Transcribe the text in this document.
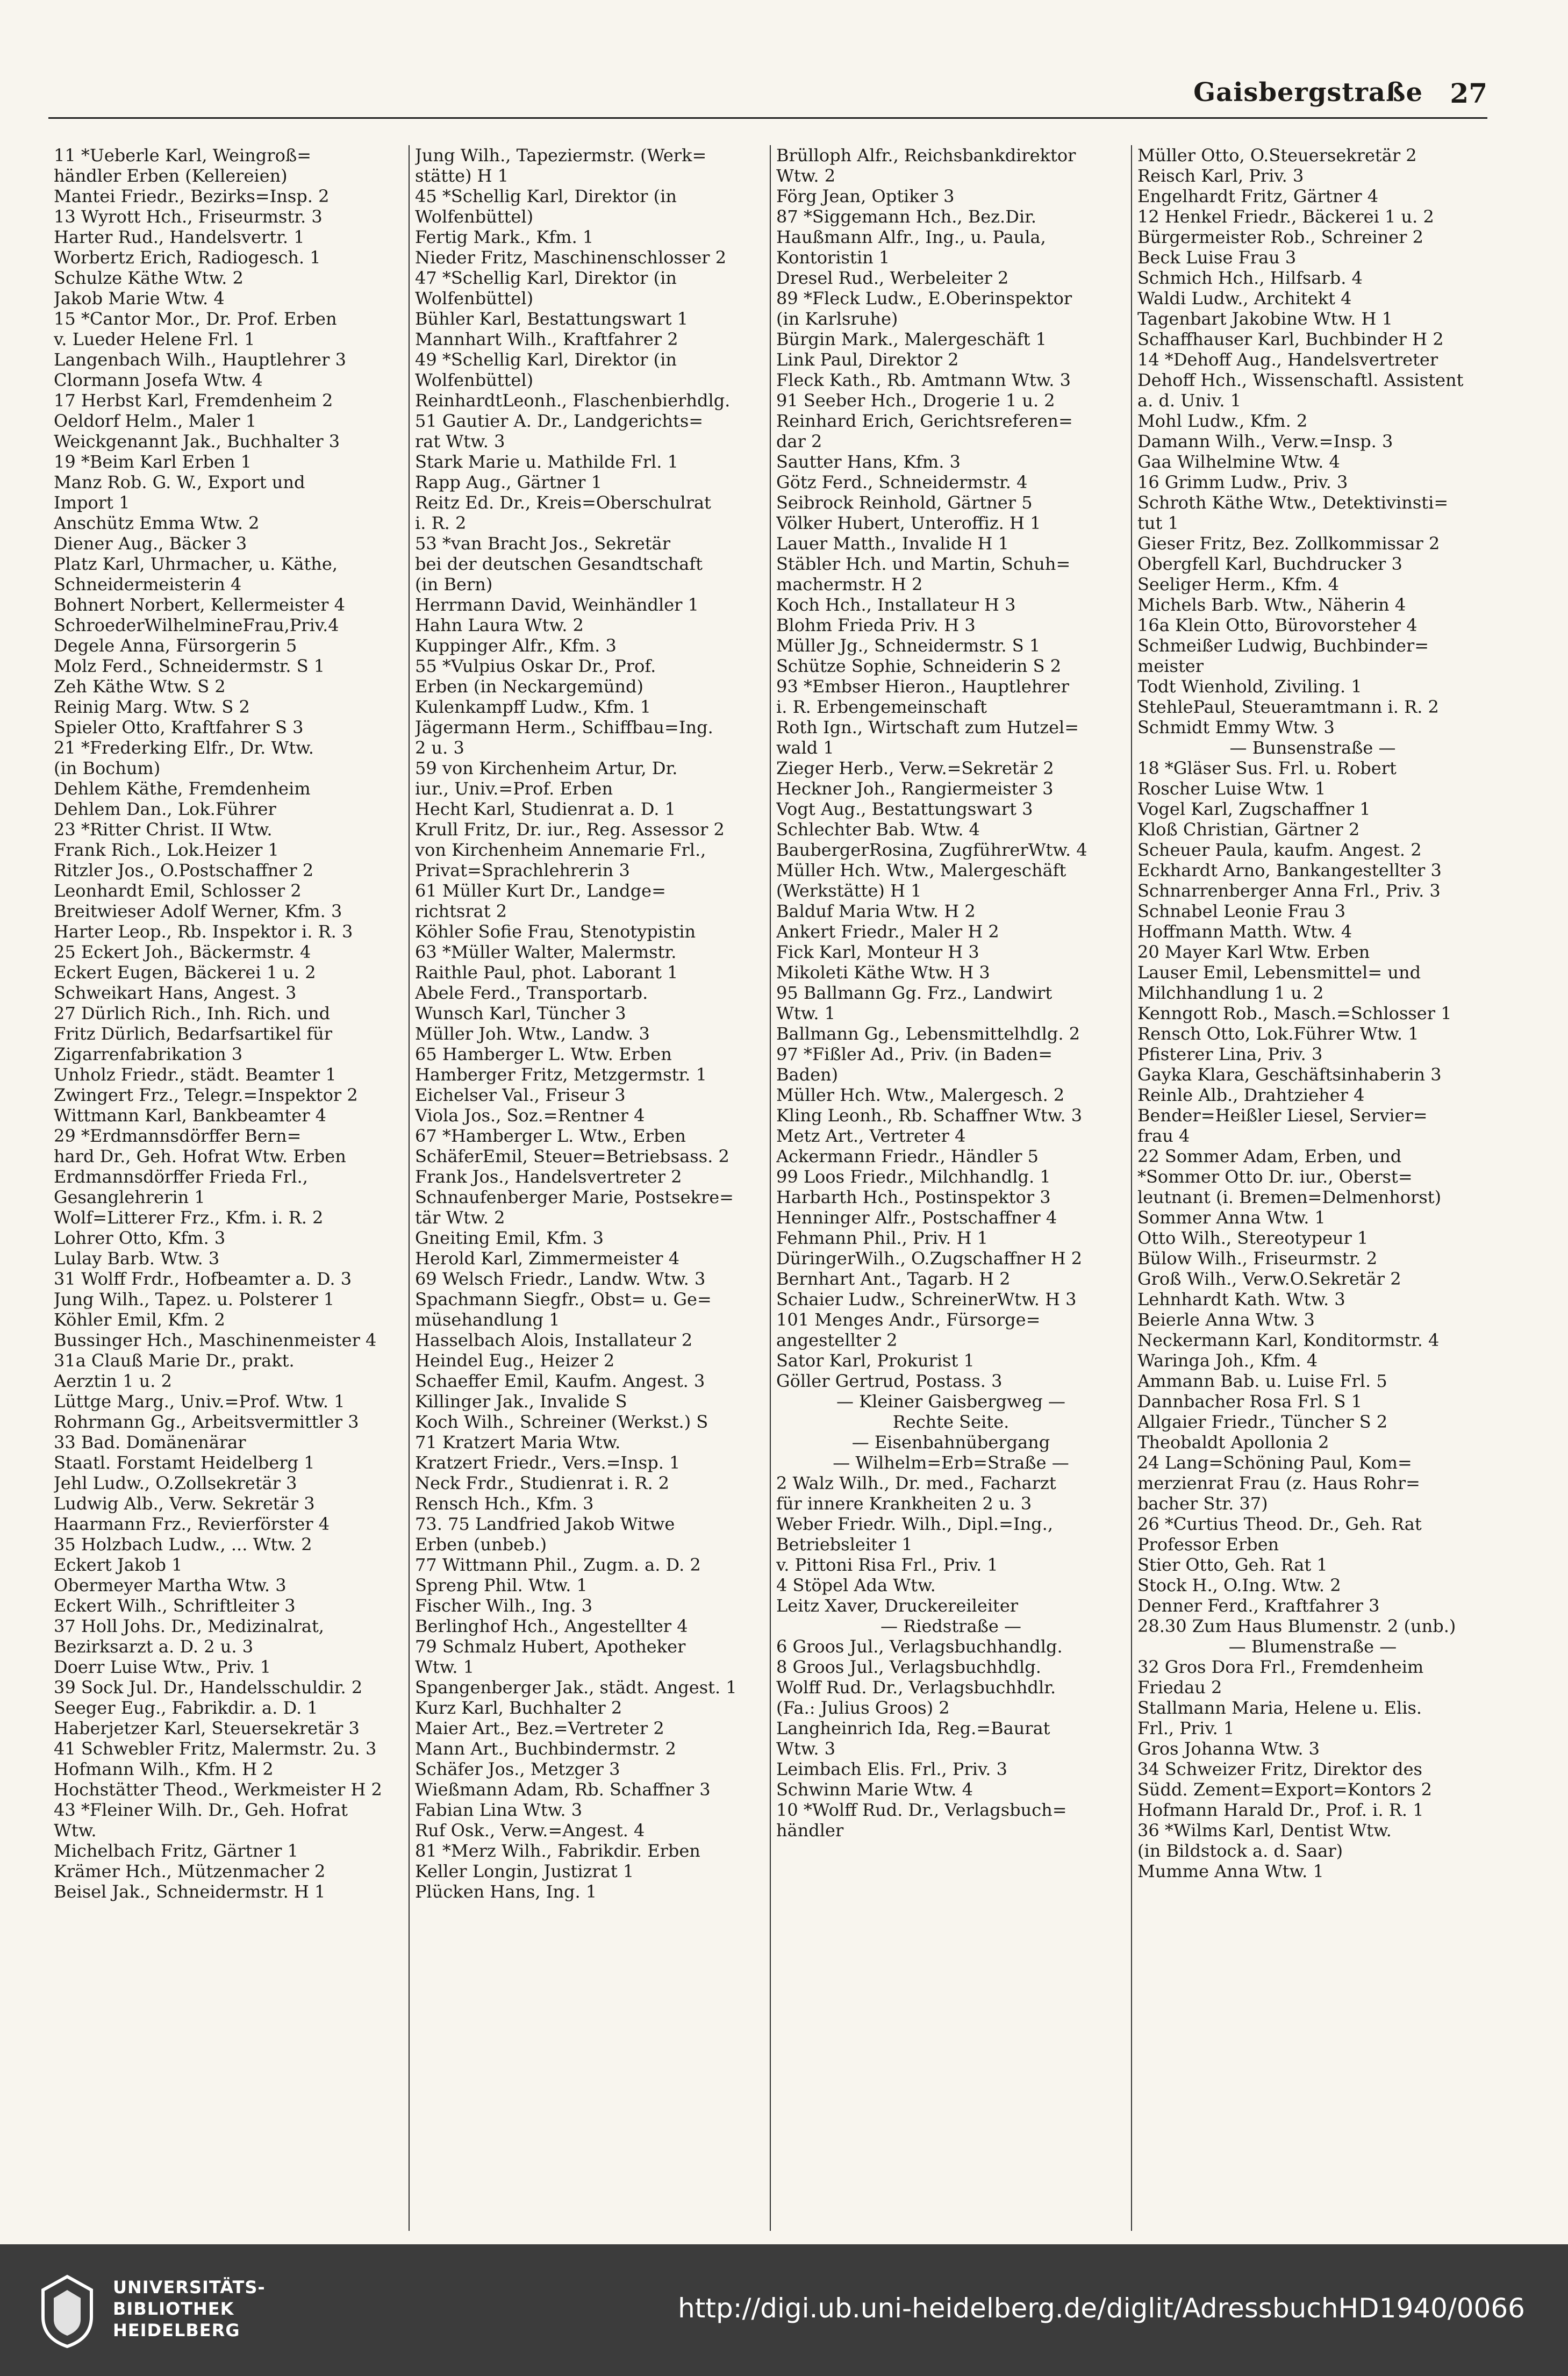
Gaisbergstraße 27
11 *Ueberle Karl, Weingroß=
händler Erben (Kellereien)
Mantei Friedr., Bezirks=Insp. 2
13 Wyrott Hch., Friseurmstr. 3
Harter Rud., Handelsvertr. 1
Worbertz Erich, Radiogesch. 1
Schulze Käthe Wtw. 2
Jakob Marie Wtw. 4
15 *Cantor Mor., Dr. Prof. Erben
v. Lueder Helene Frl. 1
Langenbach Wilh., Hauptlehrer 3
Clormann Josefa Wtw. 4
17 Herbst Karl, Fremdenheim 2
Oeldorf Helm., Maler 1
Weickgenannt Jak., Buchhalter 3
19 *Beim Karl Erben 1
Manz Rob. G. W., Export und
Import 1
Anschütz Emma Wtw. 2
Diener Aug., Bäcker 3
Platz Karl, Uhrmacher, u. Käthe,
Schneidermeisterin 4
Bohnert Norbert, Kellermeister 4
SchroederWilhelmineFrau,Priv.4
Degele Anna, Fürsorgerin 5
Molz Ferd., Schneidermstr. S 1
Zeh Käthe Wtw. S 2
Reinig Marg. Wtw. S 2
Spieler Otto, Kraftfahrer S 3
21 *Frederking Elfr., Dr. Wtw.
(in Bochum)
Dehlem Käthe, Fremdenheim
Dehlem Dan., Lok.Führer
23 *Ritter Christ. II Wtw.
Frank Rich., Lok.Heizer 1
Ritzler Jos., O.Postschaffner 2
Leonhardt Emil, Schlosser 2
Breitwieser Adolf Werner, Kfm. 3
Harter Leop., Rb. Inspektor i. R. 3
25 Eckert Joh., Bäckermstr. 4
Eckert Eugen, Bäckerei 1 u. 2
Schweikart Hans, Angest. 3
27 Dürlich Rich., Inh. Rich. und
Fritz Dürlich, Bedarfsartikel für
Zigarrenfabrikation 3
Unholz Friedr., städt. Beamter 1
Zwingert Frz., Telegr.=Inspektor 2
Wittmann Karl, Bankbeamter 4
29 *Erdmannsdörffer Bern=
hard Dr., Geh. Hofrat Wtw. Erben
Erdmannsdörffer Frieda Frl.,
Gesanglehrerin 1
Wolf=Litterer Frz., Kfm. i. R. 2
Lohrer Otto, Kfm. 3
Lulay Barb. Wtw. 3
31 Wolff Frdr., Hofbeamter a. D. 3
Jung Wilh., Tapez. u. Polsterer 1
Köhler Emil, Kfm. 2
Bussinger Hch., Maschinenmeister 4
31a Clauß Marie Dr., prakt.
Aerztin 1 u. 2
Lüttge Marg., Univ.=Prof. Wtw. 1
Rohrmann Gg., Arbeitsvermittler 3
33 Bad. Domänenärar
Staatl. Forstamt Heidelberg 1
Jehl Ludw., O.Zollsekretär 3
Ludwig Alb., Verw. Sekretär 3
Haarmann Frz., Revierförster 4
35 Holzbach Ludw., ... Wtw. 2
Eckert Jakob 1
Obermeyer Martha Wtw. 3
Eckert Wilh., Schriftleiter 3
37 Holl Johs. Dr., Medizinalrat,
Bezirksarzt a. D. 2 u. 3
Doerr Luise Wtw., Priv. 1
39 Sock Jul. Dr., Handelsschuldir. 2
Seeger Eug., Fabrikdir. a. D. 1
Haberjetzer Karl, Steuersekretär 3
41 Schwebler Fritz, Malermstr. 2u. 3
Hofmann Wilh., Kfm. H 2
Hochstätter Theod., Werkmeister H 2
43 *Fleiner Wilh. Dr., Geh. Hofrat
Wtw.
Michelbach Fritz, Gärtner 1
Krämer Hch., Mützenmacher 2
Beisel Jak., Schneidermstr. H 1
Jung Wilh., Tapeziermstr. (Werk=
stätte) H 1
45 *Schellig Karl, Direktor (in
Wolfenbüttel)
Fertig Mark., Kfm. 1
Nieder Fritz, Maschinenschlosser 2
47 *Schellig Karl, Direktor (in
Wolfenbüttel)
Bühler Karl, Bestattungswart 1
Mannhart Wilh., Kraftfahrer 2
49 *Schellig Karl, Direktor (in
Wolfenbüttel)
ReinhardtLeonh., Flaschenbierhdlg.
51 Gautier A. Dr., Landgerichts=
rat Wtw. 3
Stark Marie u. Mathilde Frl. 1
Rapp Aug., Gärtner 1
Reitz Ed. Dr., Kreis=Oberschulrat
i. R. 2
53 *van Bracht Jos., Sekretär
bei der deutschen Gesandtschaft
(in Bern)
Herrmann David, Weinhändler 1
Hahn Laura Wtw. 2
Kuppinger Alfr., Kfm. 3
55 *Vulpius Oskar Dr., Prof.
Erben (in Neckargemünd)
Kulenkampff Ludw., Kfm. 1
Jägermann Herm., Schiffbau=Ing.
2 u. 3
59 von Kirchenheim Artur, Dr.
iur., Univ.=Prof. Erben
Hecht Karl, Studienrat a. D. 1
Krull Fritz, Dr. iur., Reg. Assessor 2
von Kirchenheim Annemarie Frl.,
Privat=Sprachlehrerin 3
61 Müller Kurt Dr., Landge=
richtsrat 2
Köhler Sofie Frau, Stenotypistin
63 *Müller Walter, Malermstr.
Raithle Paul, phot. Laborant 1
Abele Ferd., Transportarb.
Wunsch Karl, Tüncher 3
Müller Joh. Wtw., Landw. 3
65 Hamberger L. Wtw. Erben
Hamberger Fritz, Metzgermstr. 1
Eichelser Val., Friseur 3
Viola Jos., Soz.=Rentner 4
67 *Hamberger L. Wtw., Erben
SchäferEmil, Steuer=Betriebsass. 2
Frank Jos., Handelsvertreter 2
Schnaufenberger Marie, Postsekre=
tär Wtw. 2
Gneiting Emil, Kfm. 3
Herold Karl, Zimmermeister 4
69 Welsch Friedr., Landw. Wtw. 3
Spachmann Siegfr., Obst= u. Ge=
müsehandlung 1
Hasselbach Alois, Installateur 2
Heindel Eug., Heizer 2
Schaeffer Emil, Kaufm. Angest. 3
Killinger Jak., Invalide S
Koch Wilh., Schreiner (Werkst.) S
71 Kratzert Maria Wtw.
Kratzert Friedr., Vers.=Insp. 1
Neck Frdr., Studienrat i. R. 2
Rensch Hch., Kfm. 3
73. 75 Landfried Jakob Witwe
Erben (unbeb.)
77 Wittmann Phil., Zugm. a. D. 2
Spreng Phil. Wtw. 1
Fischer Wilh., Ing. 3
Berlinghof Hch., Angestellter 4
79 Schmalz Hubert, Apotheker
Wtw. 1
Spangenberger Jak., städt. Angest. 1
Kurz Karl, Buchhalter 2
Maier Art., Bez.=Vertreter 2
Mann Art., Buchbindermstr. 2
Schäfer Jos., Metzger 3
Wießmann Adam, Rb. Schaffner 3
Fabian Lina Wtw. 3
Ruf Osk., Verw.=Angest. 4
81 *Merz Wilh., Fabrikdir. Erben
Keller Longin, Justizrat 1
Plücken Hans, Ing. 1
Brülloph Alfr., Reichsbankdirektor
Wtw. 2
Förg Jean, Optiker 3
87 *Siggemann Hch., Bez.Dir.
Haußmann Alfr., Ing., u. Paula,
Kontoristin 1
Dresel Rud., Werbeleiter 2
89 *Fleck Ludw., E.Oberinspektor
(in Karlsruhe)
Bürgin Mark., Malergeschäft 1
Link Paul, Direktor 2
Fleck Kath., Rb. Amtmann Wtw. 3
91 Seeber Hch., Drogerie 1 u. 2
Reinhard Erich, Gerichtsreferen=
dar 2
Sautter Hans, Kfm. 3
Götz Ferd., Schneidermstr. 4
Seibrock Reinhold, Gärtner 5
Völker Hubert, Unteroffiz. H 1
Lauer Matth., Invalide H 1
Stäbler Hch. und Martin, Schuh=
machermstr. H 2
Koch Hch., Installateur H 3
Blohm Frieda Priv. H 3
Müller Jg., Schneidermstr. S 1
Schütze Sophie, Schneiderin S 2
93 *Embser Hieron., Hauptlehrer
i. R. Erbengemeinschaft
Roth Ign., Wirtschaft zum Hutzel=
wald 1
Zieger Herb., Verw.=Sekretär 2
Heckner Joh., Rangiermeister 3
Vogt Aug., Bestattungswart 3
Schlechter Bab. Wtw. 4
BaubergerRosina, ZugführerWtw. 4
Müller Hch. Wtw., Malergeschäft
(Werkstätte) H 1
Balduf Maria Wtw. H 2
Ankert Friedr., Maler H 2
Fick Karl, Monteur H 3
Mikoleti Käthe Wtw. H 3
95 Ballmann Gg. Frz., Landwirt
Wtw. 1
Ballmann Gg., Lebensmittelhdlg. 2
97 *Fißler Ad., Priv. (in Baden=
Baden)
Müller Hch. Wtw., Malergesch. 2
Kling Leonh., Rb. Schaffner Wtw. 3
Metz Art., Vertreter 4
Ackermann Friedr., Händler 5
99 Loos Friedr., Milchhandlg. 1
Harbarth Hch., Postinspektor 3
Henninger Alfr., Postschaffner 4
Fehmann Phil., Priv. H 1
DüringerWilh., O.Zugschaffner H 2
Bernhart Ant., Tagarb. H 2
Schaier Ludw., SchreinerWtw. H 3
101 Menges Andr., Fürsorge=
angestellter 2
Sator Karl, Prokurist 1
Göller Gertrud, Postass. 3
— Kleiner Gaisbergweg —
Rechte Seite.
— Eisenbahnübergang
— Wilhelm=Erb=Straße —
2 Walz Wilh., Dr. med., Facharzt
für innere Krankheiten 2 u. 3
Weber Friedr. Wilh., Dipl.=Ing.,
Betriebsleiter 1
v. Pittoni Risa Frl., Priv. 1
4 Stöpel Ada Wtw.
Leitz Xaver, Druckereileiter
— Riedstraße —
6 Groos Jul., Verlagsbuchhandlg.
8 Groos Jul., Verlagsbuchhdlg.
Wolff Rud. Dr., Verlagsbuchhdlr.
(Fa.: Julius Groos) 2
Langheinrich Ida, Reg.=Baurat
Wtw. 3
Leimbach Elis. Frl., Priv. 3
Schwinn Marie Wtw. 4
10 *Wolff Rud. Dr., Verlagsbuch=
händler
Müller Otto, O.Steuersekretär 2
Reisch Karl, Priv. 3
Engelhardt Fritz, Gärtner 4
12 Henkel Friedr., Bäckerei 1 u. 2
Bürgermeister Rob., Schreiner 2
Beck Luise Frau 3
Schmich Hch., Hilfsarb. 4
Waldi Ludw., Architekt 4
Tagenbart Jakobine Wtw. H 1
Schaffhauser Karl, Buchbinder H 2
14 *Dehoff Aug., Handelsvertreter
Dehoff Hch., Wissenschaftl. Assistent
a. d. Univ. 1
Mohl Ludw., Kfm. 2
Damann Wilh., Verw.=Insp. 3
Gaa Wilhelmine Wtw. 4
16 Grimm Ludw., Priv. 3
Schroth Käthe Wtw., Detektivinsti=
tut 1
Gieser Fritz, Bez. Zollkommissar 2
Obergfell Karl, Buchdrucker 3
Seeliger Herm., Kfm. 4
Michels Barb. Wtw., Näherin 4
16a Klein Otto, Bürovorsteher 4
Schmeißer Ludwig, Buchbinder=
meister
Todt Wienhold, Ziviling. 1
StehlePaul, Steueramtmann i. R. 2
Schmidt Emmy Wtw. 3
— Bunsenstraße —
18 *Gläser Sus. Frl. u. Robert
Roscher Luise Wtw. 1
Vogel Karl, Zugschaffner 1
Kloß Christian, Gärtner 2
Scheuer Paula, kaufm. Angest. 2
Eckhardt Arno, Bankangestellter 3
Schnarrenberger Anna Frl., Priv. 3
Schnabel Leonie Frau 3
Hoffmann Matth. Wtw. 4
20 Mayer Karl Wtw. Erben
Lauser Emil, Lebensmittel= und
Milchhandlung 1 u. 2
Kenngott Rob., Masch.=Schlosser 1
Rensch Otto, Lok.Führer Wtw. 1
Pfisterer Lina, Priv. 3
Gayka Klara, Geschäftsinhaberin 3
Reinle Alb., Drahtzieher 4
Bender=Heißler Liesel, Servier=
frau 4
22 Sommer Adam, Erben, und
*Sommer Otto Dr. iur., Oberst=
leutnant (i. Bremen=Delmenhorst)
Sommer Anna Wtw. 1
Otto Wilh., Stereotypeur 1
Bülow Wilh., Friseurmstr. 2
Groß Wilh., Verw.O.Sekretär 2
Lehnhardt Kath. Wtw. 3
Beierle Anna Wtw. 3
Neckermann Karl, Konditormstr. 4
Waringa Joh., Kfm. 4
Ammann Bab. u. Luise Frl. 5
Dannbacher Rosa Frl. S 1
Allgaier Friedr., Tüncher S 2
Theobaldt Apollonia 2
24 Lang=Schöning Paul, Kom=
merzienrat Frau (z. Haus Rohr=
bacher Str. 37)
26 *Curtius Theod. Dr., Geh. Rat
Professor Erben
Stier Otto, Geh. Rat 1
Stock H., O.Ing. Wtw. 2
Denner Ferd., Kraftfahrer 3
28.30 Zum Haus Blumenstr. 2 (unb.)
— Blumenstraße —
32 Gros Dora Frl., Fremdenheim
Friedau 2
Stallmann Maria, Helene u. Elis.
Frl., Priv. 1
Gros Johanna Wtw. 3
34 Schweizer Fritz, Direktor des
Südd. Zement=Export=Kontors 2
Hofmann Harald Dr., Prof. i. R. 1
36 *Wilms Karl, Dentist Wtw.
(in Bildstock a. d. Saar)
Mumme Anna Wtw. 1
UNIVERSITÄTS-
BIBLIOTHEK
HEIDELBERG
http://digi.ub.uni-heidelberg.de/diglit/AdressbuchHD1940/0066
